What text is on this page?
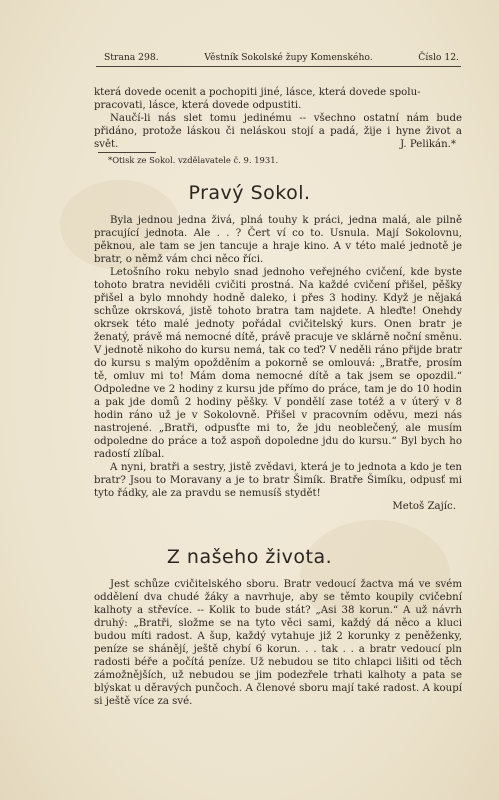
Strana 298.	Věstník Sokolské župy Komenského.	Číslo 12.

která dovede ocenit a pochopiti jiné, lásce, která dovede spolu-

pracovati, lásce, která dovede odpustiti.

Naučí-li nás slet tomu jedinému -- všechno ostatní nám bude přidáno, protože láskou či neláskou stojí a padá, žije i hyne život a svět.	J. Pelikán.*

*Otisk ze Sokol. vzdělavatele č. 9. 1931.

Pravý Sokol.

Byla jednou jedna živá, plná touhy k práci, jedna malá, ale pilně pracující jednota. Ale . . ? Čert ví co to. Usnula. Mají Sokolovnu, pěknou, ale tam se jen tancuje a hraje kino. A v této malé jednotě je bratr, o němž vám chci něco říci.

Letošního roku nebylo snad jednoho veřejného cvičení, kde byste tohoto bratra neviděli cvičiti prostná. Na každé cvičení přišel, pěšky přišel a bylo mnohdy hodně daleko, i přes 3 hodiny. Když je nějaká schůze okrsková, jistě tohoto bratra tam najdete. A hleďte! Onehdy okrsek této malé jednoty pořádal cvičitelský kurs. Onen bratr je ženatý, právě má nemocné dítě, právě pracuje ve sklárně noční směnu. V jednotě nikoho do kursu nemá, tak co teď? V neděli ráno přijde bratr do kursu s malým opožděním a pokorně se omlouvá: „Bratře, prosím tě, omluv mi to! Mám doma nemocné dítě a tak jsem se opozdil.“ Odpoledne ve 2 hodiny z kursu jde přímo do práce, tam je do 10 hodin a pak jde domů 2 hodiny pěšky. V pondělí zase totéž a v úterý v 8 hodin ráno už je v Sokolovně. Přišel v pracovním oděvu, mezi nás nastrojené. „Bratři, odpusťte mi to, že jdu neoblečený, ale musím odpoledne do práce a tož aspoň dopoledne jdu do kursu.“ Byl bych ho radostí zlíbal.

A nyni, bratři a sestry, jistě zvědavi, která je to jednota a kdo je ten bratr? Jsou to Moravany a je to bratr Šimík. Bratře Šimíku, odpusť mi tyto řádky, ale za pravdu se nemusíš stydět!

Metoš Zajíc.

Z našeho života.

Jest schůze cvičitelského sboru. Bratr vedoucí žactva má ve svém oddělení dva chudé žáky a navrhuje, aby se těmto koupily cvičební kalhoty a střevíce. -- Kolik to bude stát? „Asi 38 korun.“ A už návrh druhý: „Bratři, složme se na tyto věci sami, každý dá něco a kluci budou míti radost. A šup, každý vytahuje již 2 korunky z peněženky, peníze se shánějí, ještě chybí 6 korun. . . tak . . a bratr vedoucí pln radosti béře a počítá peníze. Už nebudou se tito chlapci lišiti od těch zámožnějších, už nebudou se jim podezřele trhati kalhoty a pata se blýskat u děravých punčoch. A členové sboru mají také radost. A koupí si ještě více za své.
